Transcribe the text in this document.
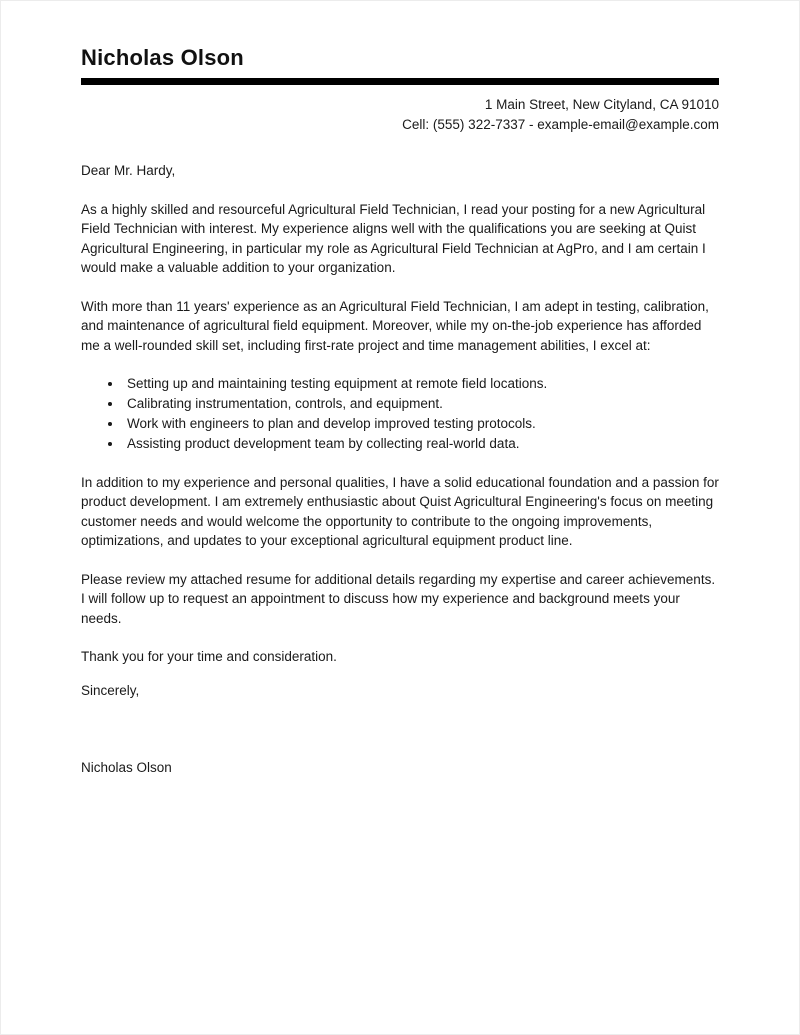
Nicholas Olson
1 Main Street, New Cityland, CA 91010
Cell: (555) 322-7337 - example-email@example.com
Dear Mr. Hardy,

As a highly skilled and resourceful Agricultural Field Technician, I read your posting for a new Agricultural Field Technician with interest. My experience aligns well with the qualifications you are seeking at Quist Agricultural Engineering, in particular my role as Agricultural Field Technician at AgPro, and I am certain I would make a valuable addition to your organization.

With more than 11 years' experience as an Agricultural Field Technician, I am adept in testing, calibration, and maintenance of agricultural field equipment. Moreover, while my on-the-job experience has afforded me a well-rounded skill set, including first-rate project and time management abilities, I excel at:

• Setting up and maintaining testing equipment at remote field locations.
• Calibrating instrumentation, controls, and equipment.
• Work with engineers to plan and develop improved testing protocols.
• Assisting product development team by collecting real-world data.

In addition to my experience and personal qualities, I have a solid educational foundation and a passion for product development. I am extremely enthusiastic about Quist Agricultural Engineering's focus on meeting customer needs and would welcome the opportunity to contribute to the ongoing improvements, optimizations, and updates to your exceptional agricultural equipment product line.

Please review my attached resume for additional details regarding my expertise and career achievements. I will follow up to request an appointment to discuss how my experience and background meets your needs.

Thank you for your time and consideration.

Sincerely,

Nicholas Olson
